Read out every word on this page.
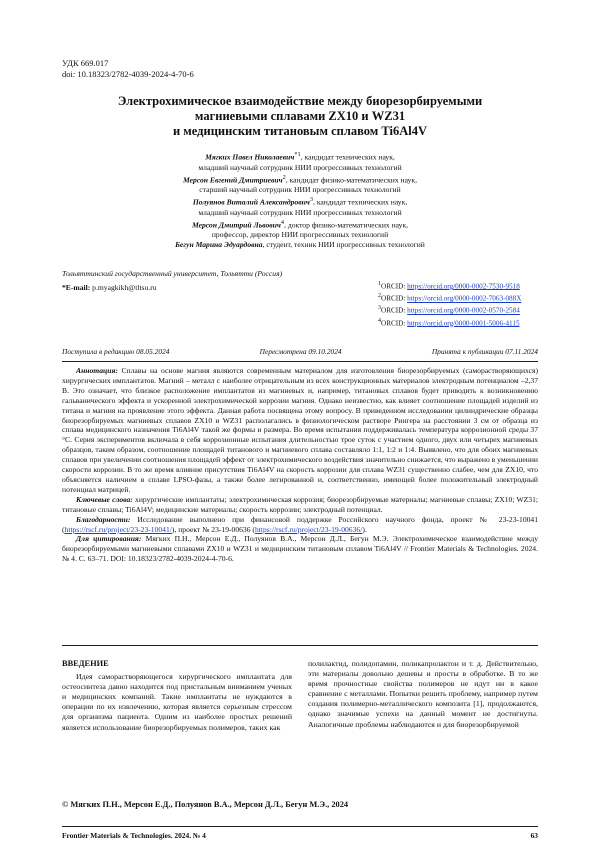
УДК 669.017
doi: 10.18323/2782-4039-2024-4-70-6
Электрохимическое взаимодействие между биорезорбируемыми
магниевыми сплавами ZX10 и WZ31
и медицинским титановым сплавом Ti6Al4V
Мягких Павел Николаевич$^{*1}$, кандидат технических наук,
младший научный сотрудник НИИ прогрессивных технологий
Мерсон Евгений Дмитриевич$^2$, кандидат физико-математических наук,
старший научный сотрудник НИИ прогрессивных технологий
Полуянов Виталий Александрович$^3$, кандидат технических наук,
младший научный сотрудник НИИ прогрессивных технологий
Мерсон Дмитрий Львович$^4$, доктор физико-математических наук,
профессор, директор НИИ прогрессивных технологий
Бегун Марина Эдуардовна, студент, техник НИИ прогрессивных технологий
Тольяттинский государственный университет, Тольятти (Россия)
*E-mail: p.myagkikh@tltsu.ru	$^1$ORCID: https://orcid.org/0000-0002-7530-9518
$^2$ORCID: https://orcid.org/0000-0002-7063-088X
$^3$ORCID: https://orcid.org/0000-0002-0570-2584
$^4$ORCID: https://orcid.org/0000-0001-5006-4115
Поступила в редакцию 08.05.2024	Пересмотрена 09.10.2024	Принята к публикации 07.11.2024

Аннотация: Сплавы на основе магния являются современным материалом для изготовления биорезорбируемых (саморастворяющихся) хирургических имплантатов. Магний – металл с наиболее отрицательным из всех конструкционных материалов электродным потенциалом –2,37 В. Это означает, что близкое расположение имплантатов из магниевых и, например, титановых сплавов будет приводить к возникновению гальванического эффекта и ускоренной электрохимической коррозии магния. Однако неизвестно, как влияет соотношение площадей изделий из титана и магния на проявление этого эффекта. Данная работа посвящена этому вопросу. В приведенном исследовании цилиндрические образцы биорезорбируемых магниевых сплавов ZX10 и WZ31 располагались в физиологическом растворе Рингера на расстоянии 3 см от образца из сплава медицинского назначения Ti6Al4V такой же формы и размера. Во время испытания поддерживалась температура коррозионной среды 37 °С. Серия экспериментов включала в себя коррозионные испытания длительностью трое суток с участием одного, двух или четырех магниевых образцов, таким образом, соотношение площадей титанового и магниевого сплава составляло 1:1, 1:2 и 1:4. Выявлено, что для обоих магниевых сплавов при увеличении соотношения площадей эффект от электрохимического воздействия значительно снижается, что выражено в уменьшении скорости коррозии. В то же время влияние присутствия Ti6Al4V на скорость коррозии для сплава WZ31 существенно слабее, чем для ZX10, что объясняется наличием в сплаве LPSO-фазы, а также более легированной и, соответственно, имеющей более положительный электродный потенциал матрицей.

Ключевые слова: хирургические имплантаты; электрохимическая коррозия; биорезорбируемые материалы; магниевые сплавы; ZX10; WZ31; титановые сплавы; Ti6Al4V; медицинские материалы; скорость коррозии; электродный потенциал.

Благодарности: Исследование выполнено при финансовой поддержке Российского научного фонда, проект № 23-23-10041 (https://rscf.ru/project/23-23-10041/), проект № 23-19-00636 (https://rscf.ru/project/23-19-00636/).

Для цитирования: Мягких П.Н., Мерсон Е.Д., Полуянов В.А., Мерсон Д.Л., Бегун М.Э. Электрохимическое взаимодействие между биорезорбируемыми магниевыми сплавами ZX10 и WZ31 и медицинским титановым сплавом Ti6Al4V // Frontier Materials & Technologies. 2024. № 4. С. 63–71. DOI: 10.18323/2782-4039-2024-4-70-6.

ВВЕДЕНИЕ

Идея саморастворяющегося хирургического имплантата для остеосинтеза давно находится под пристальным вниманием ученых и медицинских компаний. Такие имплантаты не нуждаются в операции по их извлечению, которая является серьезным стрессом для организма пациента. Одним из наиболее простых решений является использование биорезорбируемых полимеров, таких как

полилактид, полидопамин, поликапролактон и т. д. Действительно, эти материалы довольно дешевы и просты в обработке. В то же время прочностные свойства полимеров не идут ни в какое сравнение с металлами. Попытки решить проблему, например путем создания полимерно-металлического композита [1], продолжаются, однако значимые успехи на данный момент не достигнуты. Аналогичные проблемы наблюдаются и для биорезорбируемой

© Мягких П.Н., Мерсон Е.Д., Полуянов В.А., Мерсон Д.Л., Бегун М.Э., 2024
Frontier Materials & Technologies. 2024. № 4	63
